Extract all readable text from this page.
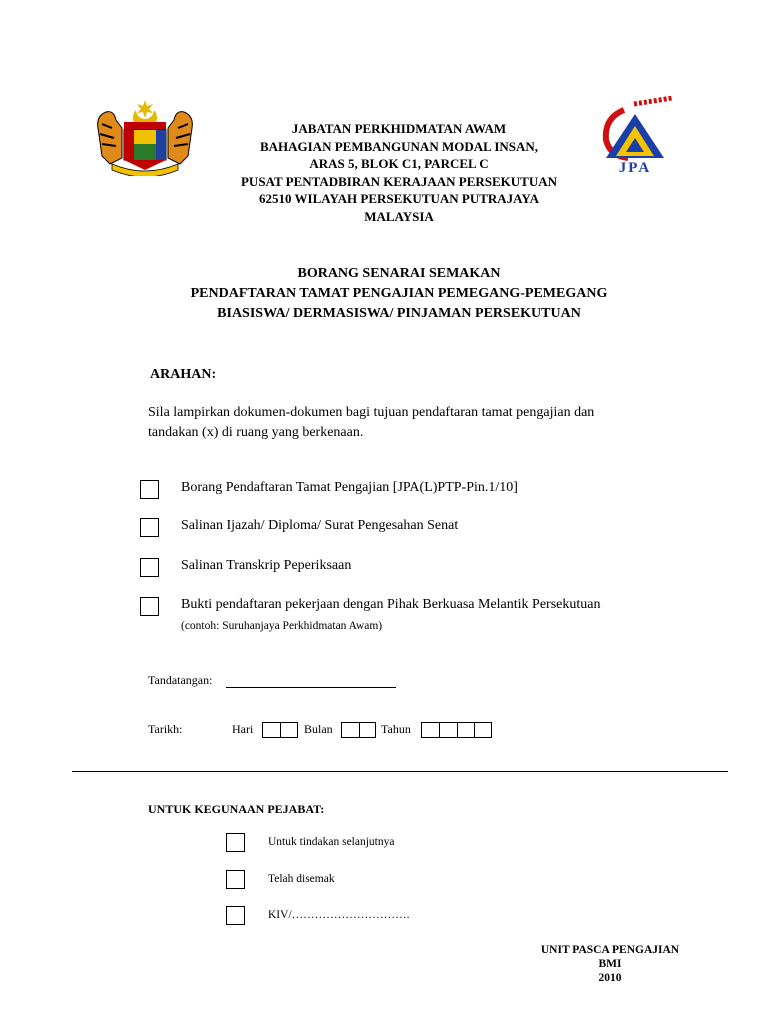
JPA
JABATAN PERKHIDMATAN AWAM
BAHAGIAN PEMBANGUNAN MODAL INSAN,
ARAS 5, BLOK C1, PARCEL C
PUSAT PENTADBIRAN KERAJAAN PERSEKUTUAN
62510 WILAYAH PERSEKUTUAN PUTRAJAYA
MALAYSIA
BORANG SENARAI SEMAKAN
PENDAFTARAN TAMAT PENGAJIAN PEMEGANG-PEMEGANG
BIASISWA/ DERMASISWA/ PINJAMAN PERSEKUTUAN
ARAHAN:
Sila lampirkan dokumen-dokumen bagi tujuan pendaftaran tamat pengajian dan
tandakan (x) di ruang yang berkenaan.
Borang Pendaftaran Tamat Pengajian [JPA(L)PTP-Pin.1/10]
Salinan Ijazah/ Diploma/ Surat Pengesahan Senat
Salinan Transkrip Peperiksaan
Bukti pendaftaran pekerjaan dengan Pihak Berkuasa Melantik Persekutuan
(contoh: Suruhanjaya Perkhidmatan Awam)
Tandatangan:
Tarikh:	Hari	Bulan	Tahun
UNTUK KEGUNAAN PEJABAT:
Untuk tindakan selanjutnya
Telah disemak
KIV/………………………….
UNIT PASCA PENGAJIAN
BMI
2010
